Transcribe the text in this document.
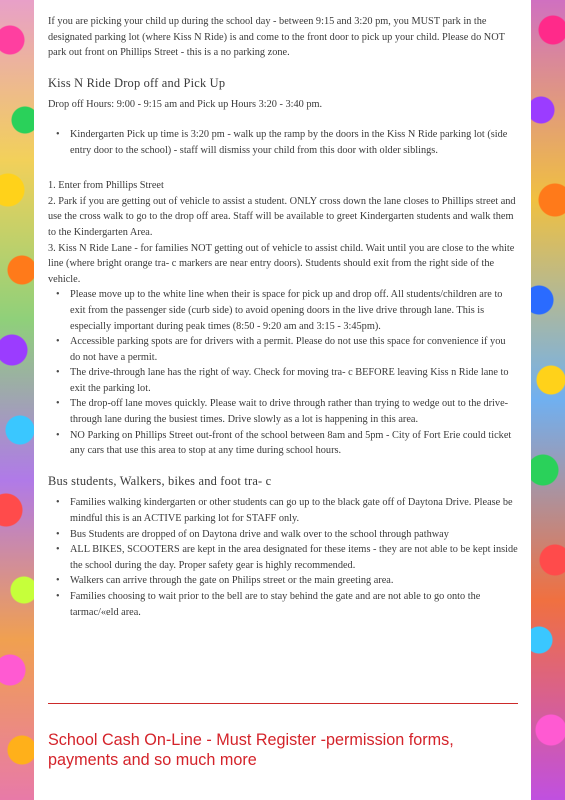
If you are picking your child up during the school day - between 9:15 and 3:20 pm, you MUST park in the designated parking lot (where Kiss N Ride) is and come to the front door to pick up your child. Please do NOT park out front on Phillips Street - this is a no parking zone.

Kiss N Ride Drop off and Pick Up

Drop off Hours: 9:00 - 9:15 am and Pick up Hours 3:20 - 3:40 pm.

• Kindergarten Pick up time is 3:20 pm - walk up the ramp by the doors in the Kiss N Ride parking lot (side entry door to the school) - staff will dismiss your child from this door with older siblings.

1. Enter from Phillips Street

2. Park if you are getting out of vehicle to assist a student. ONLY cross down the lane closes to Phillips street and use the cross walk to go to the drop off area. Staff will be available to greet Kindergarten students and walk them to the Kindergarten Area.

3. Kiss N Ride Lane - for families NOT getting out of vehicle to assist child. Wait until you are close to the white line (where bright orange tra- c markers are near entry doors). Students should exit from the right side of the vehicle.

• Please move up to the white line when their is space for pick up and drop off. All students/children are to exit from the passenger side (curb side) to avoid opening doors in the live drive through lane. This is especially important during peak times (8:50 - 9:20 am and 3:15 - 3:45pm).
• Accessible parking spots are for drivers with a permit. Please do not use this space for convenience if you do not have a permit.
• The drive-through lane has the right of way. Check for moving tra- c BEFORE leaving Kiss n Ride lane to exit the parking lot.
• The drop-off lane moves quickly. Please wait to drive through rather than trying to wedge out to the drive-through lane during the busiest times. Drive slowly as a lot is happening in this area.
• NO Parking on Phillips Street out-front of the school between 8am and 5pm - City of Fort Erie could ticket any cars that use this area to stop at any time during school hours.
Bus students, Walkers, bikes and foot tra- c
• Families walking kindergarten or other students can go up to the black gate off of Daytona Drive. Please be mindful this is an ACTIVE parking lot for STAFF only.
• Bus Students are dropped of on Daytona drive and walk over to the school through pathway
• ALL BIKES, SCOOTERS are kept in the area designated for these items - they are not able to be kept inside the school during the day. Proper safety gear is highly recommended.
• Walkers can arrive through the gate on Philips street or the main greeting area.
• Families choosing to wait prior to the bell are to stay behind the gate and are not able to go onto the tarmac/«eld area.
School Cash On-Line - Must Register -permission forms, payments and so much more
